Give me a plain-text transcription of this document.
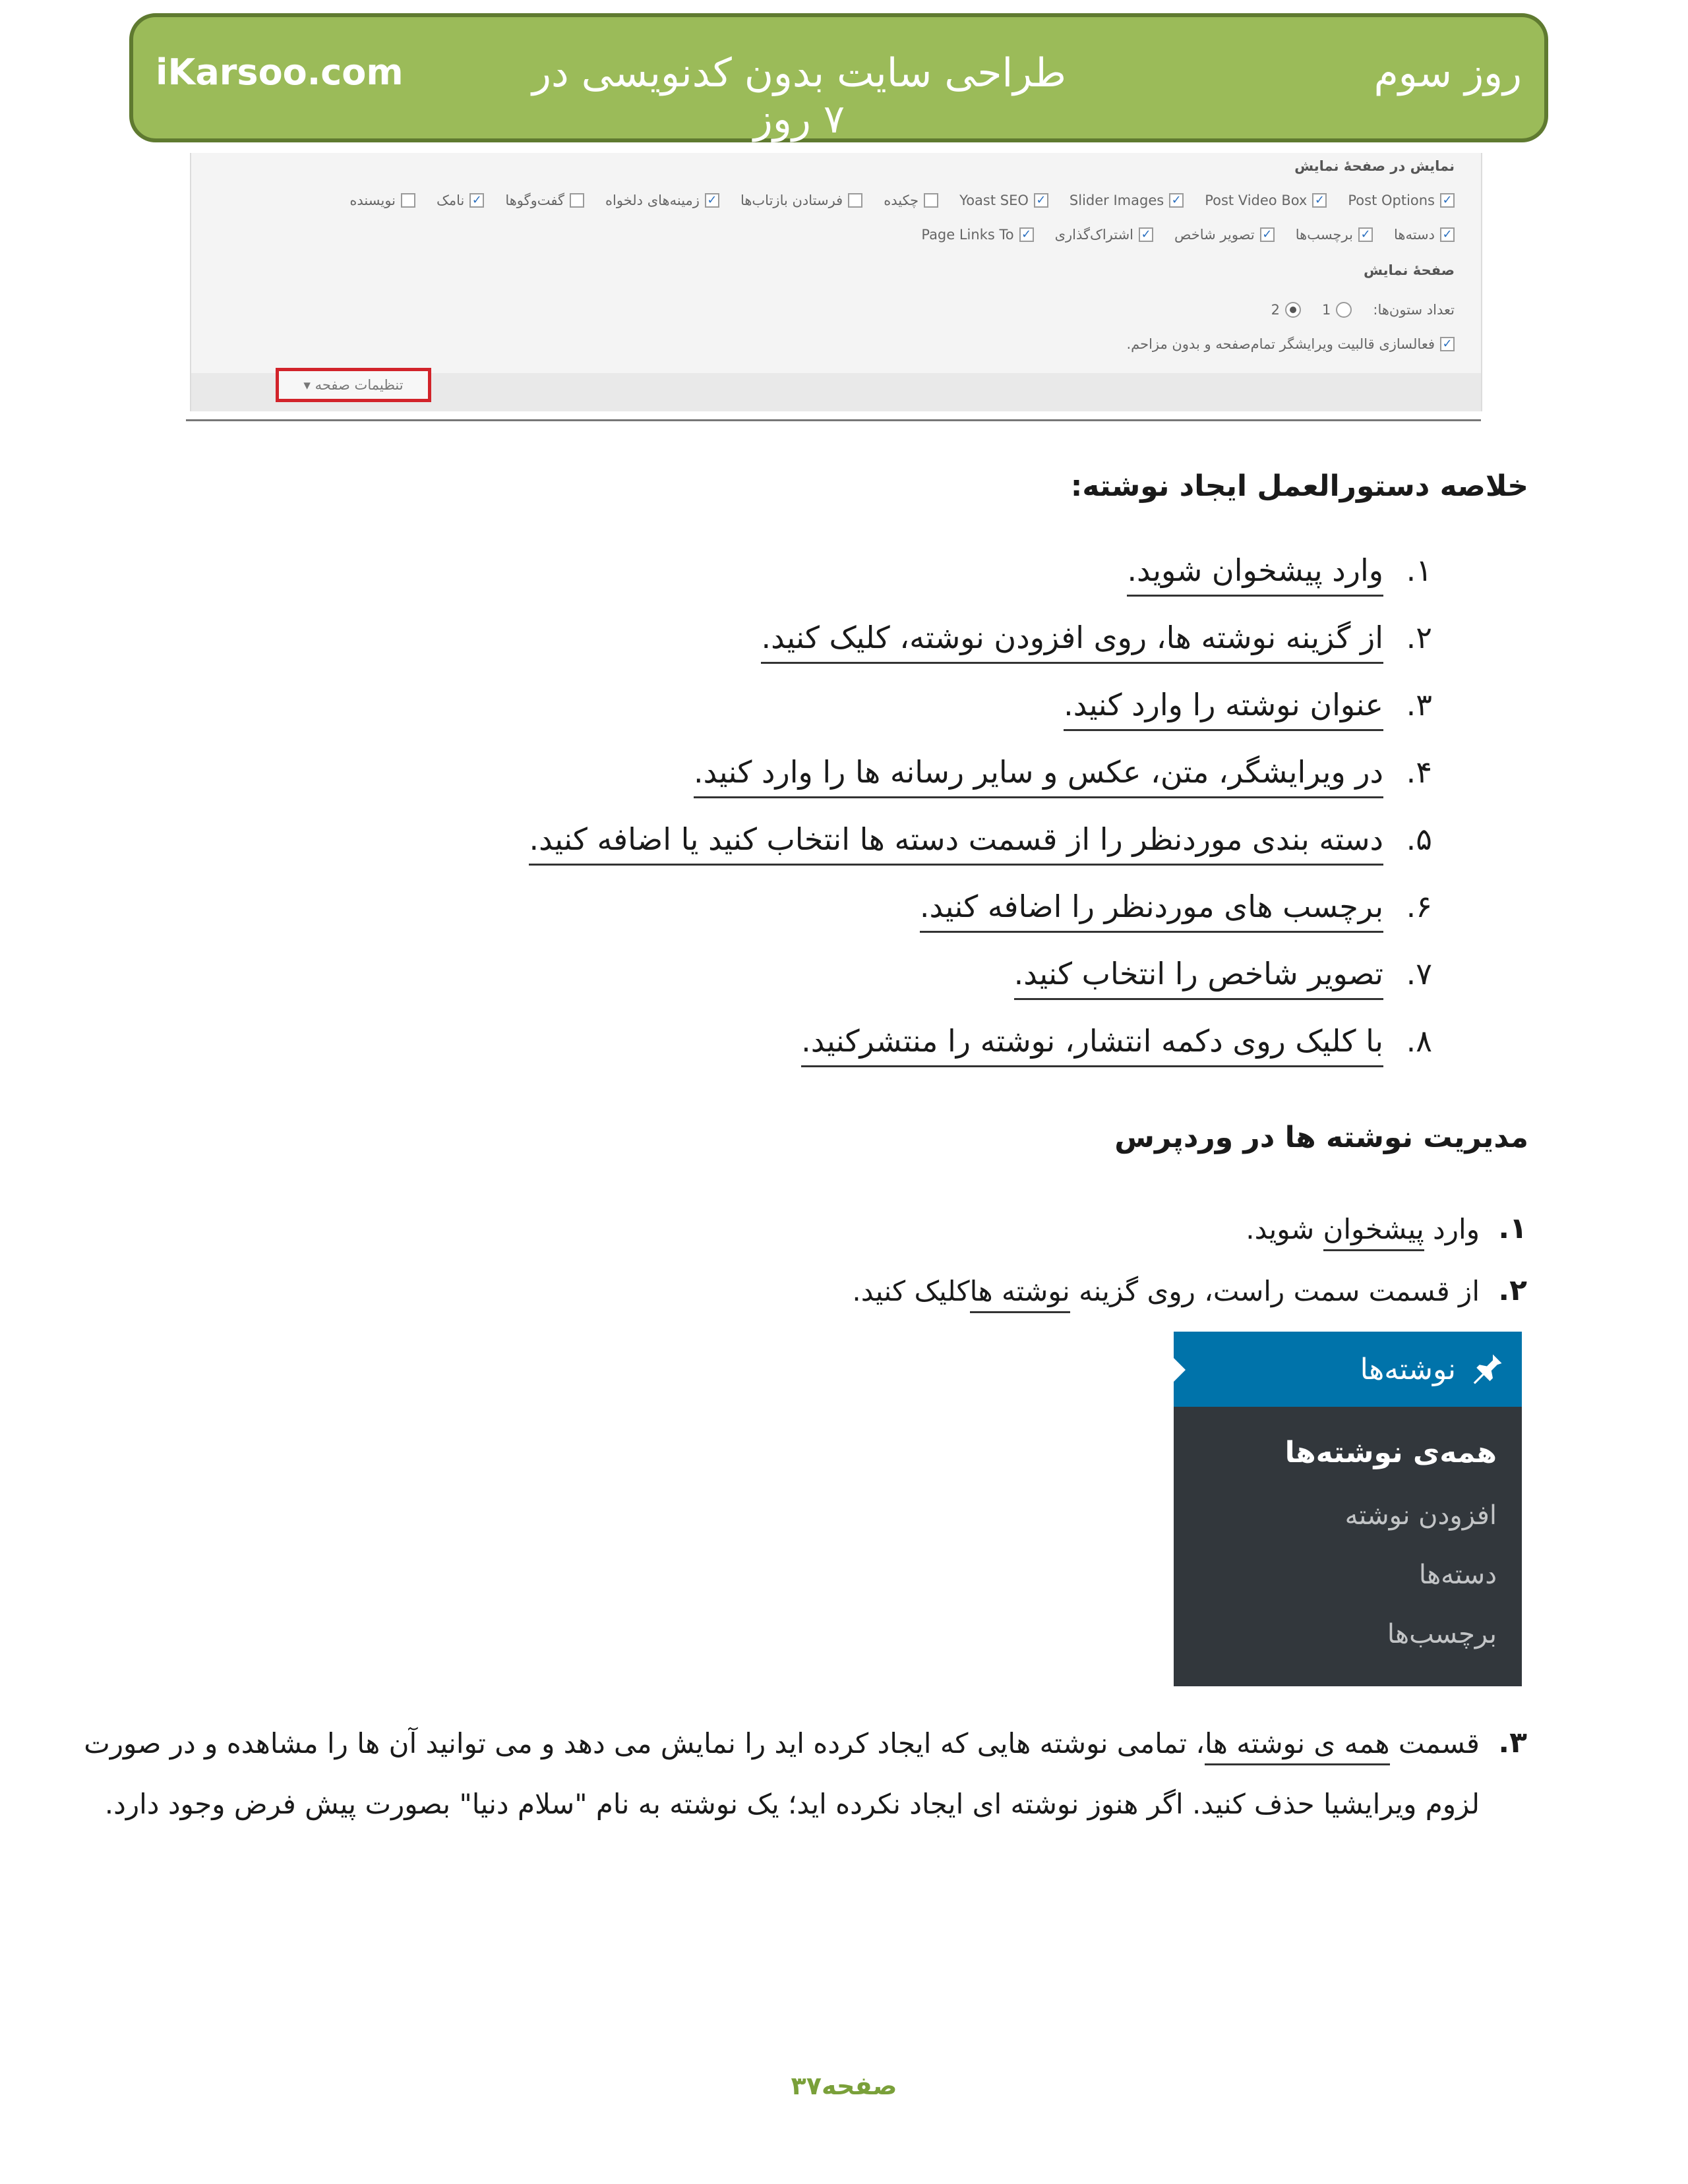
iKarsoo.com	طراحی سایت بدون کدنویسی در ۷ روز
روز سوم
نمایش در صفحهٔ نمایش
✓
Post Options
✓
Post Video Box
✓
Slider Images
✓
Yoast SEO
چکیده
فرستادن بازتاب‌ها
✓
زمینه‌های دلخواه
گفت‌وگوها
✓
نامک
نویسنده
✓
دسته‌ها
✓
برچسب‌ها
✓
تصویر شاخص
✓
اشتراک‌گذاری
✓
Page Links To
صفحهٔ نمایش
تعداد ستون‌ها:
1
2
✓
فعالسازی قالبیت ویرایشگر تمام‌صفحه و بدون مزاحم.
تنظیمات صفحه ▾
خلاصه دستورالعمل ایجاد نوشته:
۱.
وارد پیشخوان شوید.
۲.
از گزینه نوشته ها، روی افزودن نوشته، کلیک کنید.
۳.
عنوان نوشته را وارد کنید.
۴.
در ویرایشگر، متن، عکس و سایر رسانه ها را وارد کنید.
۵.
دسته بندی موردنظر را از قسمت دسته ها انتخاب کنید یا اضافه کنید.
۶.
برچسب های موردنظر را اضافه کنید.
۷.
تصویر شاخص را انتخاب کنید.
۸.
با کلیک روی دکمه انتشار، نوشته را منتشرکنید.
مدیریت نوشته ها در وردپرس
۱.
وارد پیشخوان شوید.
۲.
از قسمت سمت راست، روی گزینه نوشته هاکلیک کنید.
نوشته‌ها
همه‌ی نوشته‌ها
افزودن نوشته
دسته‌ها
برچسب‌ها
۳.
قسمت همه ی نوشته ها، تمامی نوشته هایی که ایجاد کرده اید را نمایش می دهد و می توانید آن ها را مشاهده و در صورت
لزوم ویرایشیا حذف کنید. اگر هنوز نوشته ای ایجاد نکرده اید؛ یک نوشته به نام "سلام دنیا" بصورت پیش فرض وجود دارد.
صفحه۳۷
